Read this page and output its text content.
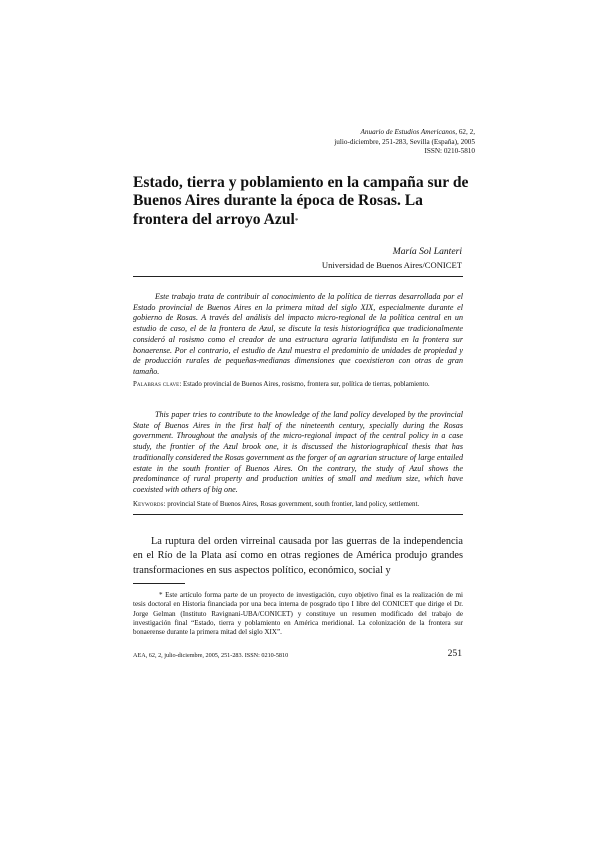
Anuario de Estudios Americanos, 62, 2,
julio-diciembre, 251-283, Sevilla (España), 2005
ISSN: 0210-5810
Estado, tierra y poblamiento en la campaña sur de Buenos Aires durante la época de Rosas. La frontera del arroyo Azul*
María Sol Lanteri
Universidad de Buenos Aires/CONICET

Este trabajo trata de contribuir al conocimiento de la política de tierras desarrollada por el Estado provincial de Buenos Aires en la primera mitad del siglo XIX, especialmente durante el gobierno de Rosas. A través del análisis del impacto micro-regional de la política central en un estudio de caso, el de la frontera de Azul, se discute la tesis historiográfica que tradicionalmente consideró al rosismo como el creador de una estructura agraria latifundista en la frontera sur bonaerense. Por el contrario, el estudio de Azul muestra el predominio de unidades de propiedad y de producción rurales de pequeñas-medianas dimensiones que coexistieron con otras de gran tamaño.

Palabras clave: Estado provincial de Buenos Aires, rosismo, frontera sur, política de tierras, poblamiento.

This paper tries to contribute to the knowledge of the land policy developed by the provincial State of Buenos Aires in the first half of the nineteenth century, specially during the Rosas government. Throughout the analysis of the micro-regional impact of the central policy in a case study, the frontier of the Azul brook one, it is discussed the historiographical thesis that has traditionally considered the Rosas government as the forger of an agrarian structure of large entailed estate in the south frontier of Buenos Aires. On the contrary, the study of Azul shows the predominance of rural property and production unities of small and medium size, which have coexisted with others of big one.

Keywords: provincial State of Buenos Aires, Rosas government, south frontier, land policy, settlement.

La ruptura del orden virreinal causada por las guerras de la independencia en el Río de la Plata así como en otras regiones de América produjo grandes transformaciones en sus aspectos político, económico, social y

* Este artículo forma parte de un proyecto de investigación, cuyo objetivo final es la realización de mi tesis doctoral en Historia financiada por una beca interna de posgrado tipo I libre del CONICET que dirige el Dr. Jorge Gelman (Instituto Ravignani-UBA/CONICET) y constituye un resumen modificado del trabajo de investigación final “Estado, tierra y poblamiento en América meridional. La colonización de la frontera sur bonaerense durante la primera mitad del siglo XIX”.

AEA, 62, 2, julio-diciembre, 2005, 251-283. ISSN: 0210-5810	251
